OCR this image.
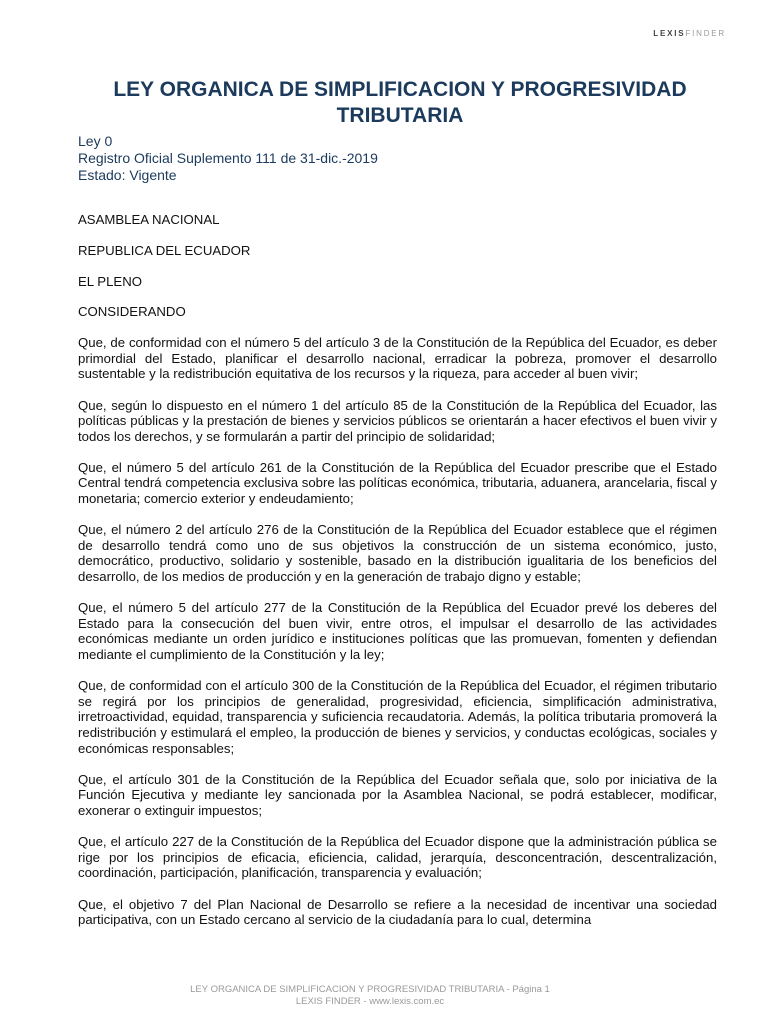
LEXISFINDER
LEY ORGANICA DE SIMPLIFICACION Y PROGRESIVIDAD TRIBUTARIA
Ley 0
Registro Oficial Suplemento 111 de 31-dic.-2019
Estado: Vigente

ASAMBLEA NACIONAL

REPUBLICA DEL ECUADOR

EL PLENO

CONSIDERANDO

Que, de conformidad con el número 5 del artículo 3 de la Constitución de la República del Ecuador, es deber primordial del Estado, planificar el desarrollo nacional, erradicar la pobreza, promover el desarrollo sustentable y la redistribución equitativa de los recursos y la riqueza, para acceder al buen vivir;

Que, según lo dispuesto en el número 1 del artículo 85 de la Constitución de la República del Ecuador, las políticas públicas y la prestación de bienes y servicios públicos se orientarán a hacer efectivos el buen vivir y todos los derechos, y se formularán a partir del principio de solidaridad;

Que, el número 5 del artículo 261 de la Constitución de la República del Ecuador prescribe que el Estado Central tendrá competencia exclusiva sobre las políticas económica, tributaria, aduanera, arancelaria, fiscal y monetaria; comercio exterior y endeudamiento;

Que, el número 2 del artículo 276 de la Constitución de la República del Ecuador establece que el régimen de desarrollo tendrá como uno de sus objetivos la construcción de un sistema económico, justo, democrático, productivo, solidario y sostenible, basado en la distribución igualitaria de los beneficios del desarrollo, de los medios de producción y en la generación de trabajo digno y estable;

Que, el número 5 del artículo 277 de la Constitución de la República del Ecuador prevé los deberes del Estado para la consecución del buen vivir, entre otros, el impulsar el desarrollo de las actividades económicas mediante un orden jurídico e instituciones políticas que las promuevan, fomenten y defiendan mediante el cumplimiento de la Constitución y la ley;

Que, de conformidad con el artículo 300 de la Constitución de la República del Ecuador, el régimen tributario se regirá por los principios de generalidad, progresividad, eficiencia, simplificación administrativa, irretroactividad, equidad, transparencia y suficiencia recaudatoria. Además, la política tributaria promoverá la redistribución y estimulará el empleo, la producción de bienes y servicios, y conductas ecológicas, sociales y económicas responsables;

Que, el artículo 301 de la Constitución de la República del Ecuador señala que, solo por iniciativa de la Función Ejecutiva y mediante ley sancionada por la Asamblea Nacional, se podrá establecer, modificar, exonerar o extinguir impuestos;

Que, el artículo 227 de la Constitución de la República del Ecuador dispone que la administración pública se rige por los principios de eficacia, eficiencia, calidad, jerarquía, desconcentración, descentralización, coordinación, participación, planificación, transparencia y evaluación;

Que, el objetivo 7 del Plan Nacional de Desarrollo se refiere a la necesidad de incentivar una sociedad participativa, con un Estado cercano al servicio de la ciudadanía para lo cual, determina

LEY ORGANICA DE SIMPLIFICACION Y PROGRESIVIDAD TRIBUTARIA - Página 1
LEXIS FINDER - www.lexis.com.ec
